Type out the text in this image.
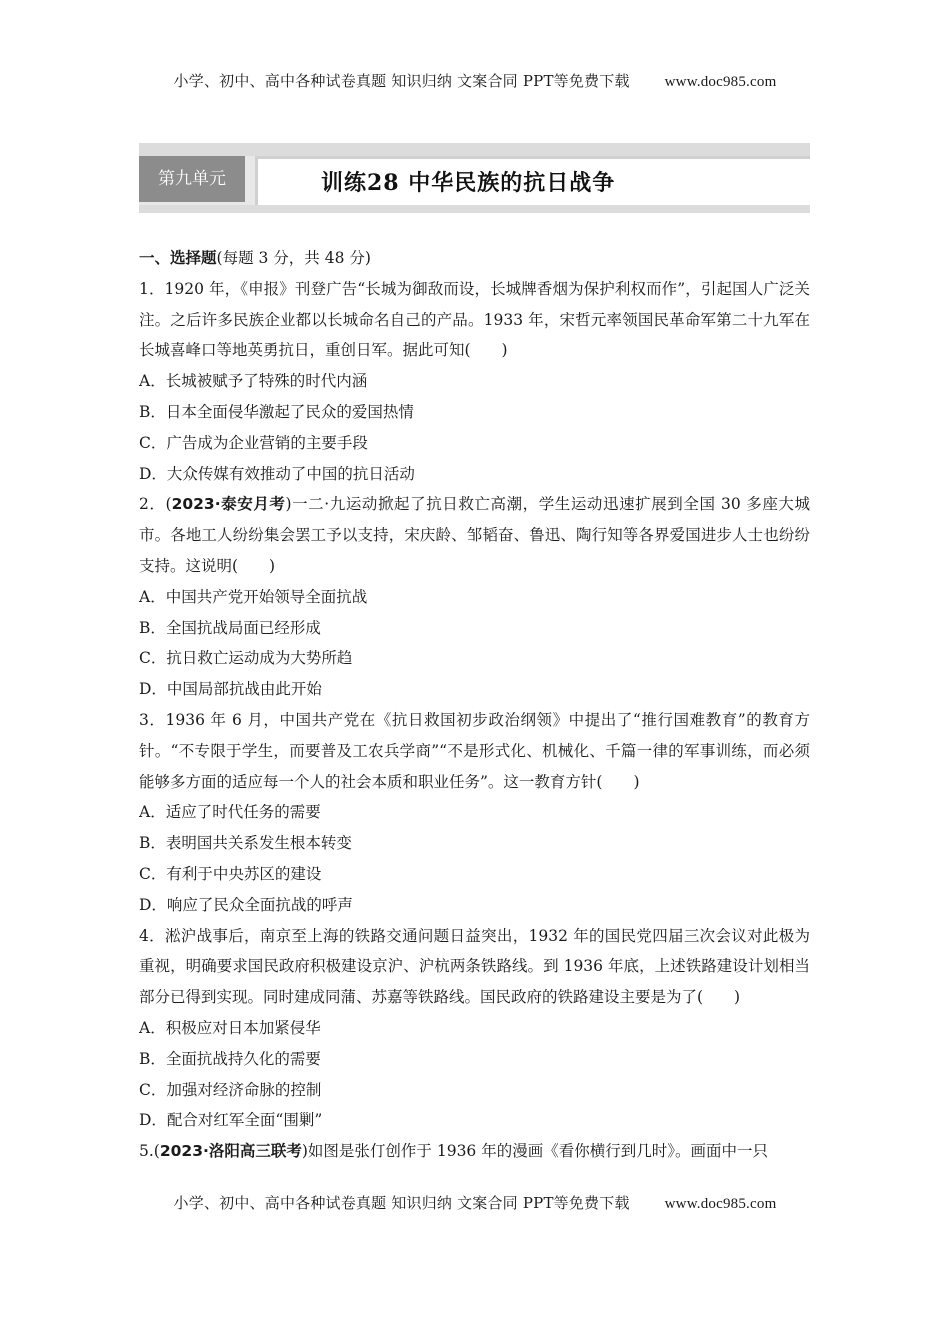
小学、初中、高中各种试卷真题 知识归纳 文案合同 PPT等免费下载 www.doc985.com
第九单元	训练28 中华民族的抗日战争
一、选择题(每题 3 分，共 48 分)
1．1920 年，《申报》刊登广告“长城为御敌而设，长城牌香烟为保护利权而作”，引起国人广泛关注。之后许多民族企业都以长城命名自己的产品。1933 年，宋哲元率领国民革命军第二十九军在长城喜峰口等地英勇抗日，重创日军。据此可知(　　)
A．长城被赋予了特殊的时代内涵
B．日本全面侵华激起了民众的爱国热情
C．广告成为企业营销的主要手段
D．大众传媒有效推动了中国的抗日活动
2．(2023·泰安月考)一二·九运动掀起了抗日救亡高潮，学生运动迅速扩展到全国 30 多座大城市。各地工人纷纷集会罢工予以支持，宋庆龄、邹韬奋、鲁迅、陶行知等各界爱国进步人士也纷纷支持。这说明(　　)
A．中国共产党开始领导全面抗战
B．全国抗战局面已经形成
C．抗日救亡运动成为大势所趋
D．中国局部抗战由此开始
3．1936 年 6 月，中国共产党在《抗日救国初步政治纲领》中提出了“推行国难教育”的教育方针。“不专限于学生，而要普及工农兵学商”“不是形式化、机械化、千篇一律的军事训练，而必须能够多方面的适应每一个人的社会本质和职业任务”。这一教育方针(　　)
A．适应了时代任务的需要
B．表明国共关系发生根本转变
C．有利于中央苏区的建设
D．响应了民众全面抗战的呼声
4．淞沪战事后，南京至上海的铁路交通问题日益突出，1932 年的国民党四届三次会议对此极为重视，明确要求国民政府积极建设京沪、沪杭两条铁路线。到 1936 年底，上述铁路建设计划相当部分已得到实现。同时建成同蒲、苏嘉等铁路线。国民政府的铁路建设主要是为了(　　)
A．积极应对日本加紧侵华
B．全面抗战持久化的需要
C．加强对经济命脉的控制
D．配合对红军全面“围剿”
5.(2023·洛阳高三联考)如图是张仃创作于 1936 年的漫画《看你横行到几时》。画面中一只
小学、初中、高中各种试卷真题 知识归纳 文案合同 PPT等免费下载 www.doc985.com
